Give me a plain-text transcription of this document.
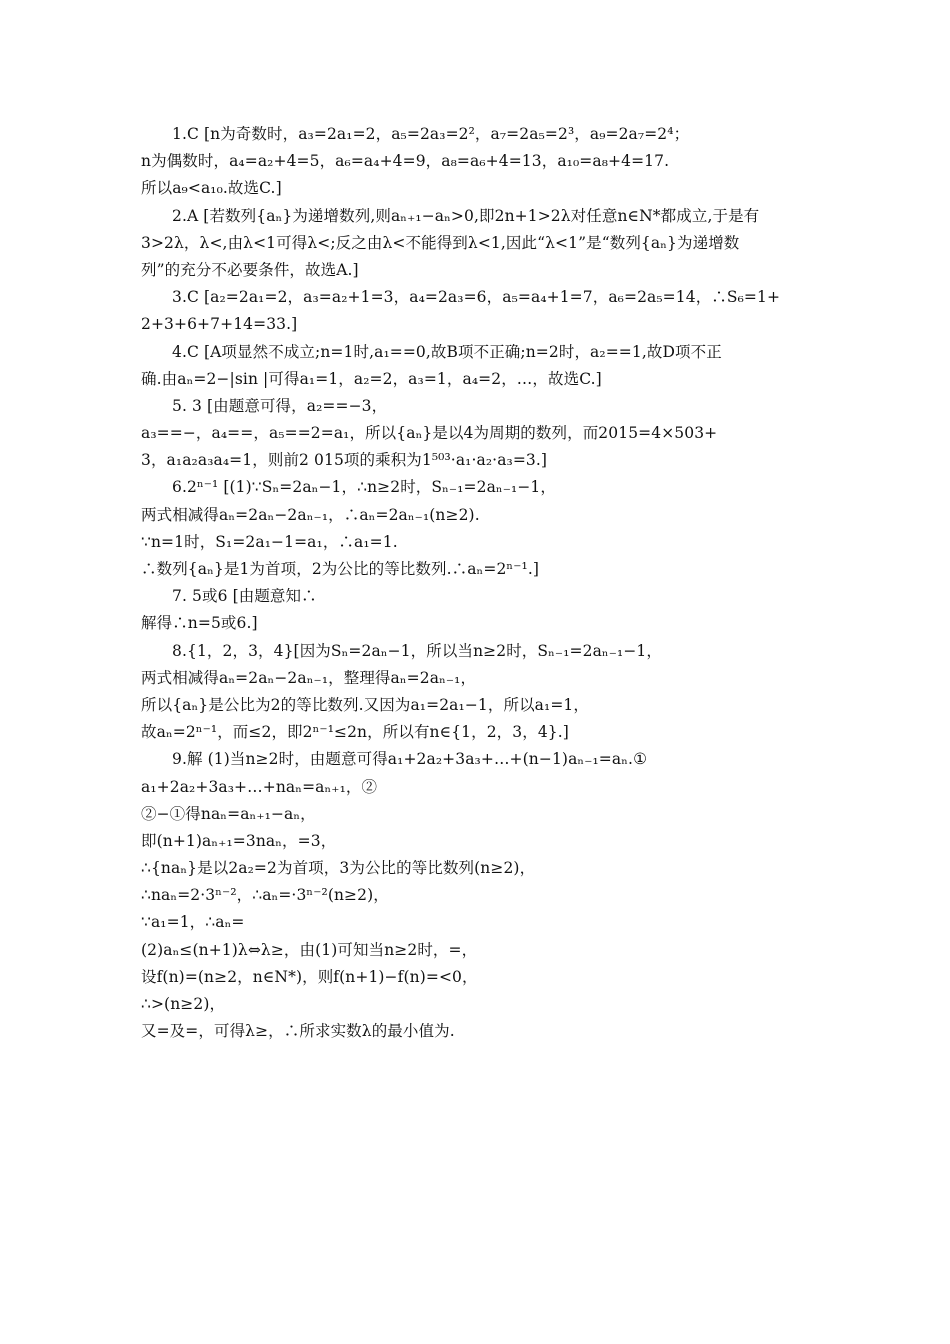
1.C [n为奇数时，a₃=2a₁=2，a₅=2a₃=2²，a₇=2a₅=2³，a₉=2a₇=2⁴；
n为偶数时，a₄=a₂+4=5，a₆=a₄+4=9，a₈=a₆+4=13，a₁₀=a₈+4=17.
所以a₉<a₁₀.故选C.]
2.A [若数列{aₙ}为递增数列,则aₙ₊₁−aₙ>0,即2n+1>2λ对任意n∈N*都成立,于是有
3>2λ，λ<,由λ<1可得λ<;反之由λ<不能得到λ<1,因此“λ<1”是“数列{aₙ}为递增数
列”的充分不必要条件，故选A.]
3.C [a₂=2a₁=2，a₃=a₂+1=3，a₄=2a₃=6，a₅=a₄+1=7，a₆=2a₅=14，∴S₆=1+
2+3+6+7+14=33.]
4.C [A项显然不成立;n=1时,a₁==0,故B项不正确;n=2时，a₂==1,故D项不正
确.由aₙ=2−|sin |可得a₁=1，a₂=2，a₃=1，a₄=2，…，故选C.]
5. 3 [由题意可得，a₂==−3，
a₃==−，a₄==，a₅==2=a₁，所以{aₙ}是以4为周期的数列，而2015=4×503+
3，a₁a₂a₃a₄=1，则前2 015项的乘积为1⁵⁰³·a₁·a₂·a₃=3.]
6.2ⁿ⁻¹ [(1)∵Sₙ=2aₙ−1，∴n≥2时，Sₙ₋₁=2aₙ₋₁−1，
两式相减得aₙ=2aₙ−2aₙ₋₁，∴aₙ=2aₙ₋₁(n≥2).
∵n=1时，S₁=2a₁−1=a₁，∴a₁=1.
∴数列{aₙ}是1为首项，2为公比的等比数列.∴aₙ=2ⁿ⁻¹.]
7. 5或6 [由题意知∴
解得∴n=5或6.]
8.{1，2，3，4}[因为Sₙ=2aₙ−1，所以当n≥2时，Sₙ₋₁=2aₙ₋₁−1，
两式相减得aₙ=2aₙ−2aₙ₋₁，整理得aₙ=2aₙ₋₁，
所以{aₙ}是公比为2的等比数列.又因为a₁=2a₁−1，所以a₁=1，
故aₙ=2ⁿ⁻¹，而≤2，即2ⁿ⁻¹≤2n，所以有n∈{1，2，3，4}.]
9.解 (1)当n≥2时，由题意可得a₁+2a₂+3a₃+…+(n−1)aₙ₋₁=aₙ.①
a₁+2a₂+3a₃+…+naₙ=aₙ₊₁，②
②−①得naₙ=aₙ₊₁−aₙ，
即(n+1)aₙ₊₁=3naₙ，=3，
∴{naₙ}是以2a₂=2为首项，3为公比的等比数列(n≥2)，
∴naₙ=2·3ⁿ⁻²，∴aₙ=·3ⁿ⁻²(n≥2)，
∵a₁=1，∴aₙ=
(2)aₙ≤(n+1)λ⇔λ≥，由(1)可知当n≥2时，=，
设f(n)=(n≥2，n∈N*)，则f(n+1)−f(n)=<0，
∴>(n≥2)，
又=及=，可得λ≥，∴所求实数λ的最小值为.
